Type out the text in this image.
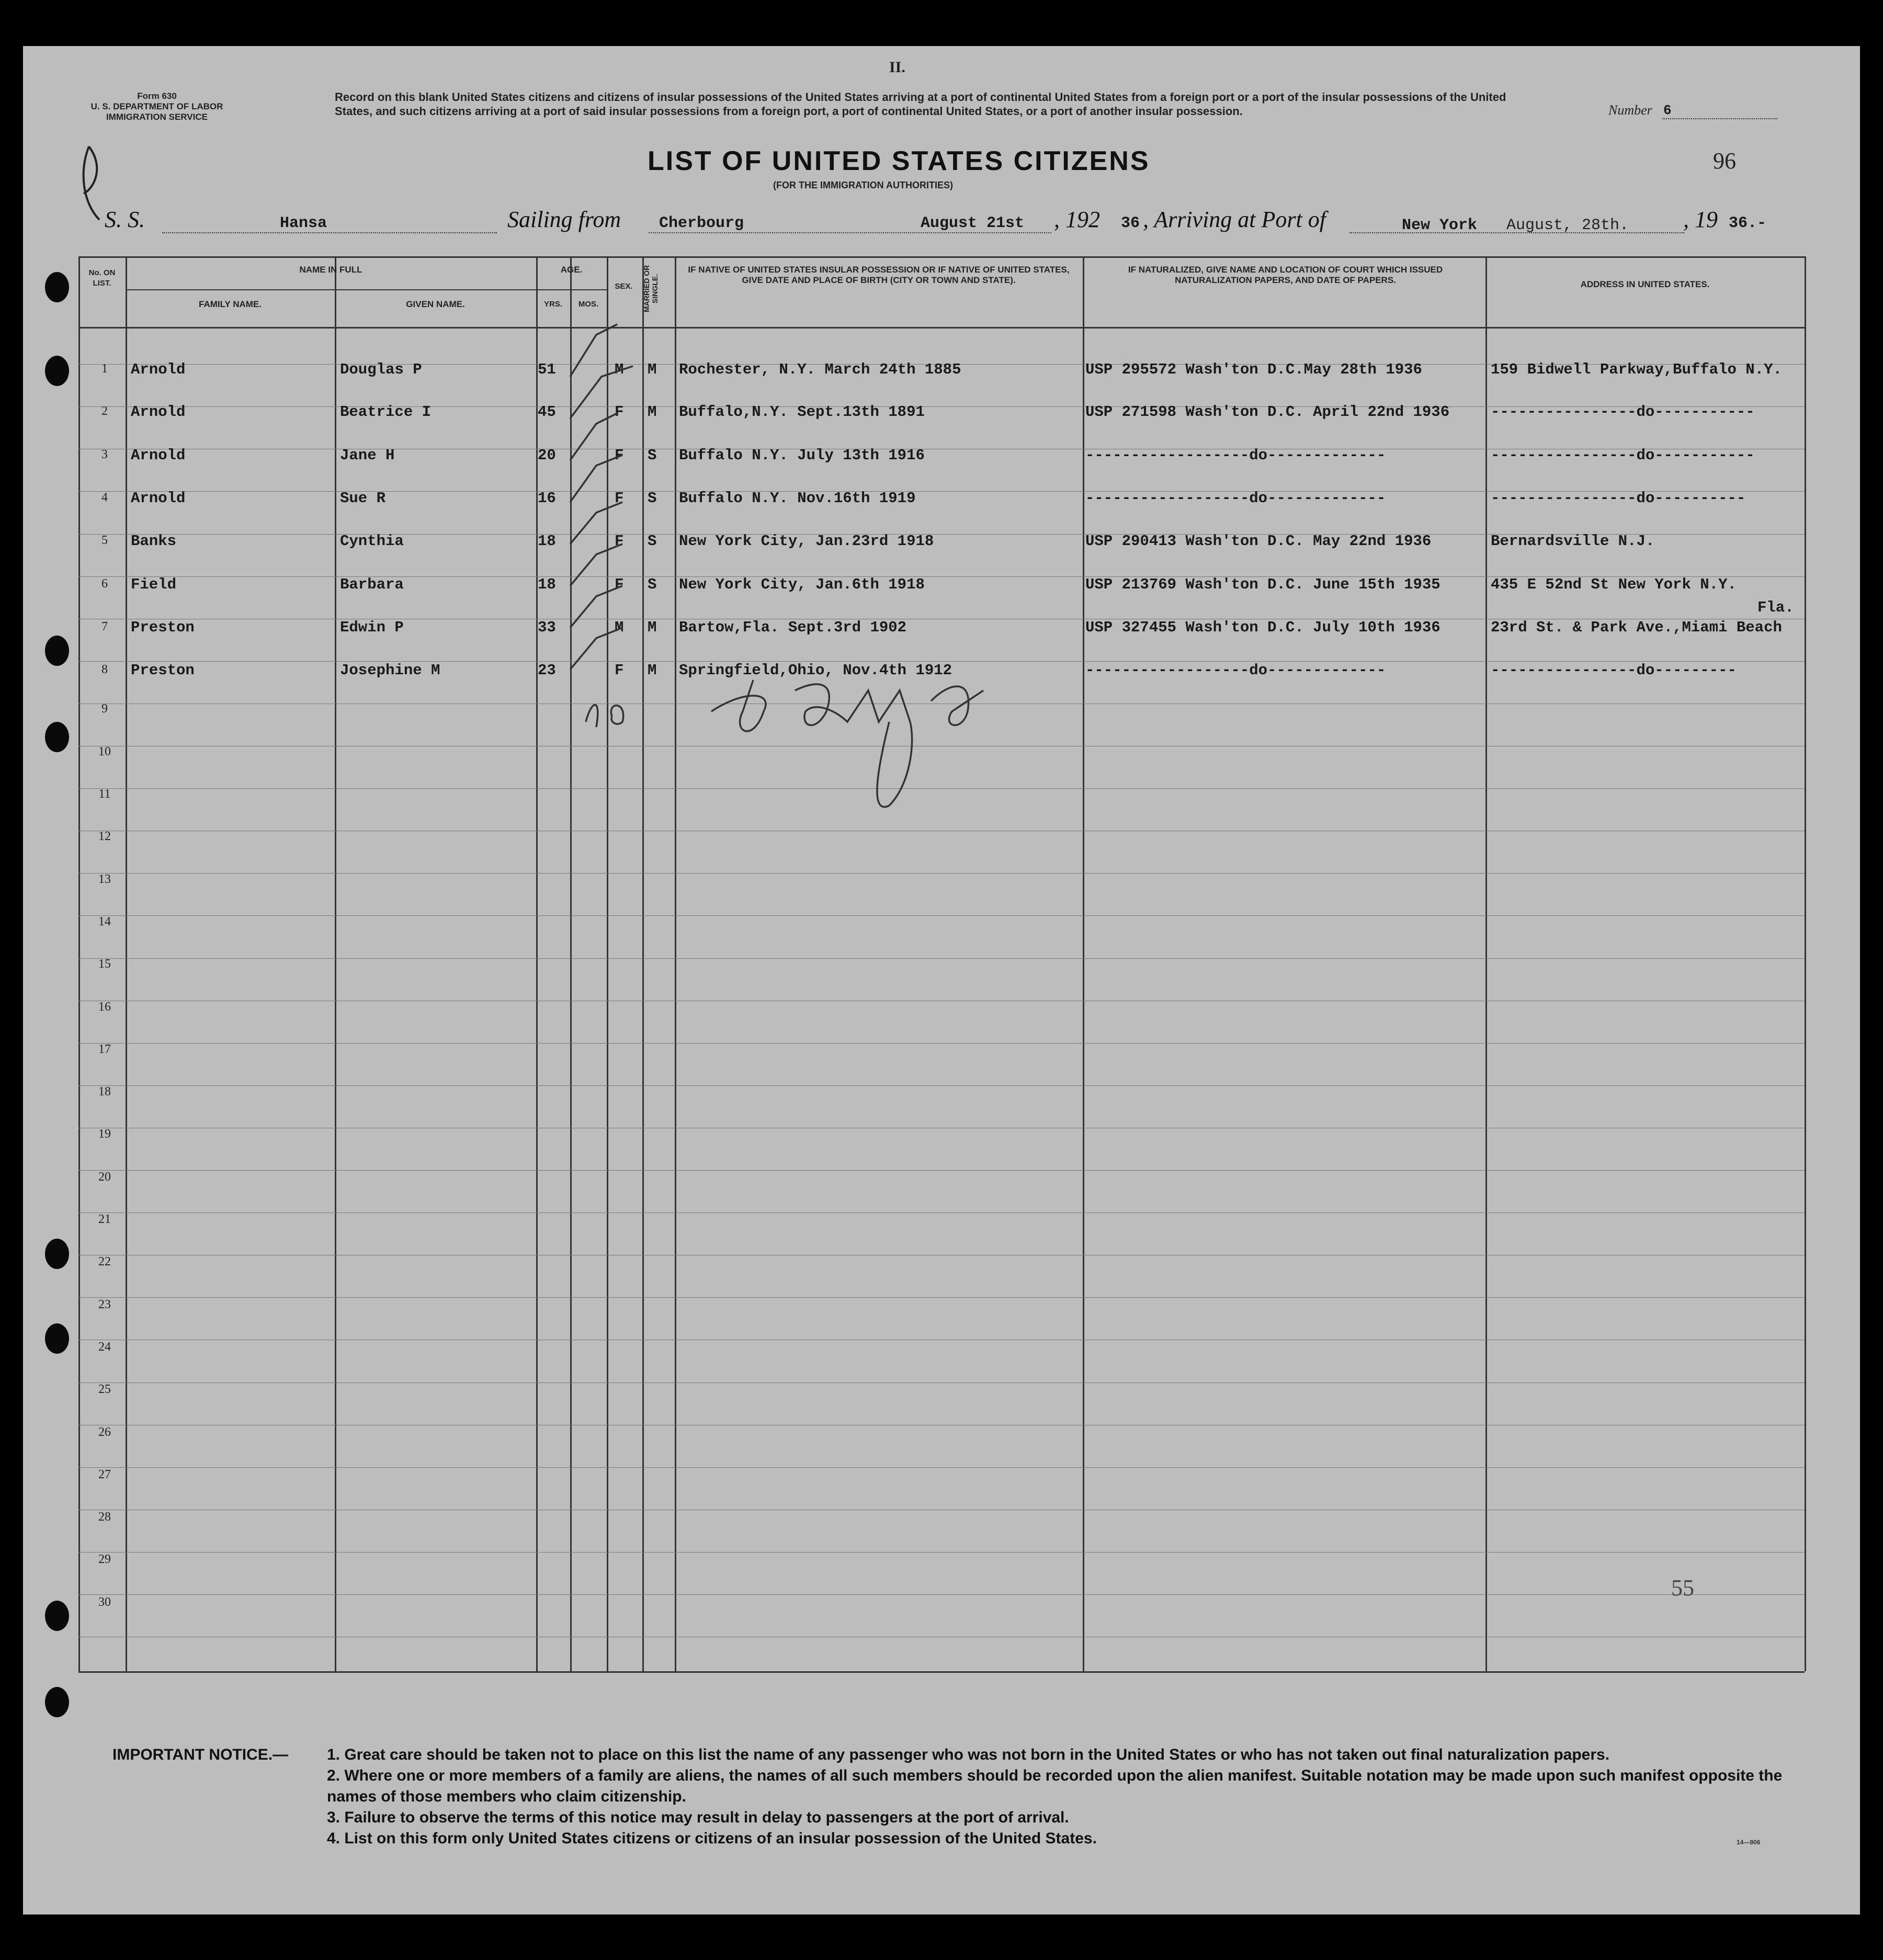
II.
Form 630
U. S. DEPARTMENT OF LABOR
IMMIGRATION SERVICE
Record on this blank United States citizens and citizens of insular possessions of the United States arriving at a port of continental United States from a foreign port or a port of the insular possessions of the United States, and such citizens arriving at a port of said insular possessions from a foreign port, a port of continental United States, or a port of another insular possession.	Number 6
LIST OF UNITED STATES CITIZENS
(FOR THE IMMIGRATION AUTHORITIES)
96
S. S.	Hansa	Sailing from Cherbourg	August 21st , 192 36 , Arriving at Port of	New York August, 28th. , 19 36.-
No. ON LIST.
NAME IN FULL
FAMILY NAME.	GIVEN NAME.
AGE.
YRS.	MOS.
SEX.	MARRIED OR SINGLE.
IF NATIVE OF UNITED STATES INSULAR POSSESSION OR IF NATIVE OF UNITED STATES, GIVE DATE AND PLACE OF BIRTH (CITY OR TOWN AND STATE).
IF NATURALIZED, GIVE NAME AND LOCATION OF COURT WHICH ISSUED NATURALIZATION PAPERS, AND DATE OF PAPERS.	ADDRESS IN UNITED STATES.
1	Arnold	Douglas P	51	M M Rochester, N.Y. March 24th 1885	USP 295572 Wash'ton D.C.May 28th 1936	159 Bidwell Parkway,Buffalo N.Y.
2	Arnold	Beatrice I	45	F M Buffalo,N.Y. Sept.13th 1891	USP 271598 Wash'ton D.C. April 22nd 1936	----------------do-----------
3	Arnold	Jane H	20	F S Buffalo N.Y. July 13th 1916	------------------do-------------	----------------do-----------
4	Arnold	Sue R	16	F S Buffalo N.Y. Nov.16th 1919	------------------do-------------	----------------do----------
5	Banks	Cynthia	18	F S New York City, Jan.23rd 1918	USP 290413 Wash'ton D.C. May 22nd 1936	Bernardsville N.J.
6	Field	Barbara	18	F S New York City, Jan.6th 1918	USP 213769 Wash'ton D.C. June 15th 1935	435 E 52nd St New York N.Y.
7	Preston	Edwin P	33	M M Bartow,Fla. Sept.3rd 1902	USP 327455 Wash'ton D.C. July 10th 1936	23rd St. & Park Ave.,Miami Beach
Fla.
8	Preston	Josephine M	23	F M Springfield,Ohio, Nov.4th 1912	------------------do-------------	----------------do---------
9
10
11
12
13
14
15
16
17
18
19
20
21
22
23
24
25
26
27
28
29
30
55
IMPORTANT NOTICE.— 1. Great care should be taken not to place on this list the name of any passenger who was not born in the United States or who has not taken out final naturalization papers.
2. Where one or more members of a family are aliens, the names of all such members should be recorded upon the alien manifest. Suitable notation may be made upon such manifest opposite the names of those members who claim citizenship.
3. Failure to observe the terms of this notice may result in delay to passengers at the port of arrival.
4. List on this form only United States citizens or citizens of an insular possession of the United States.	14—906
